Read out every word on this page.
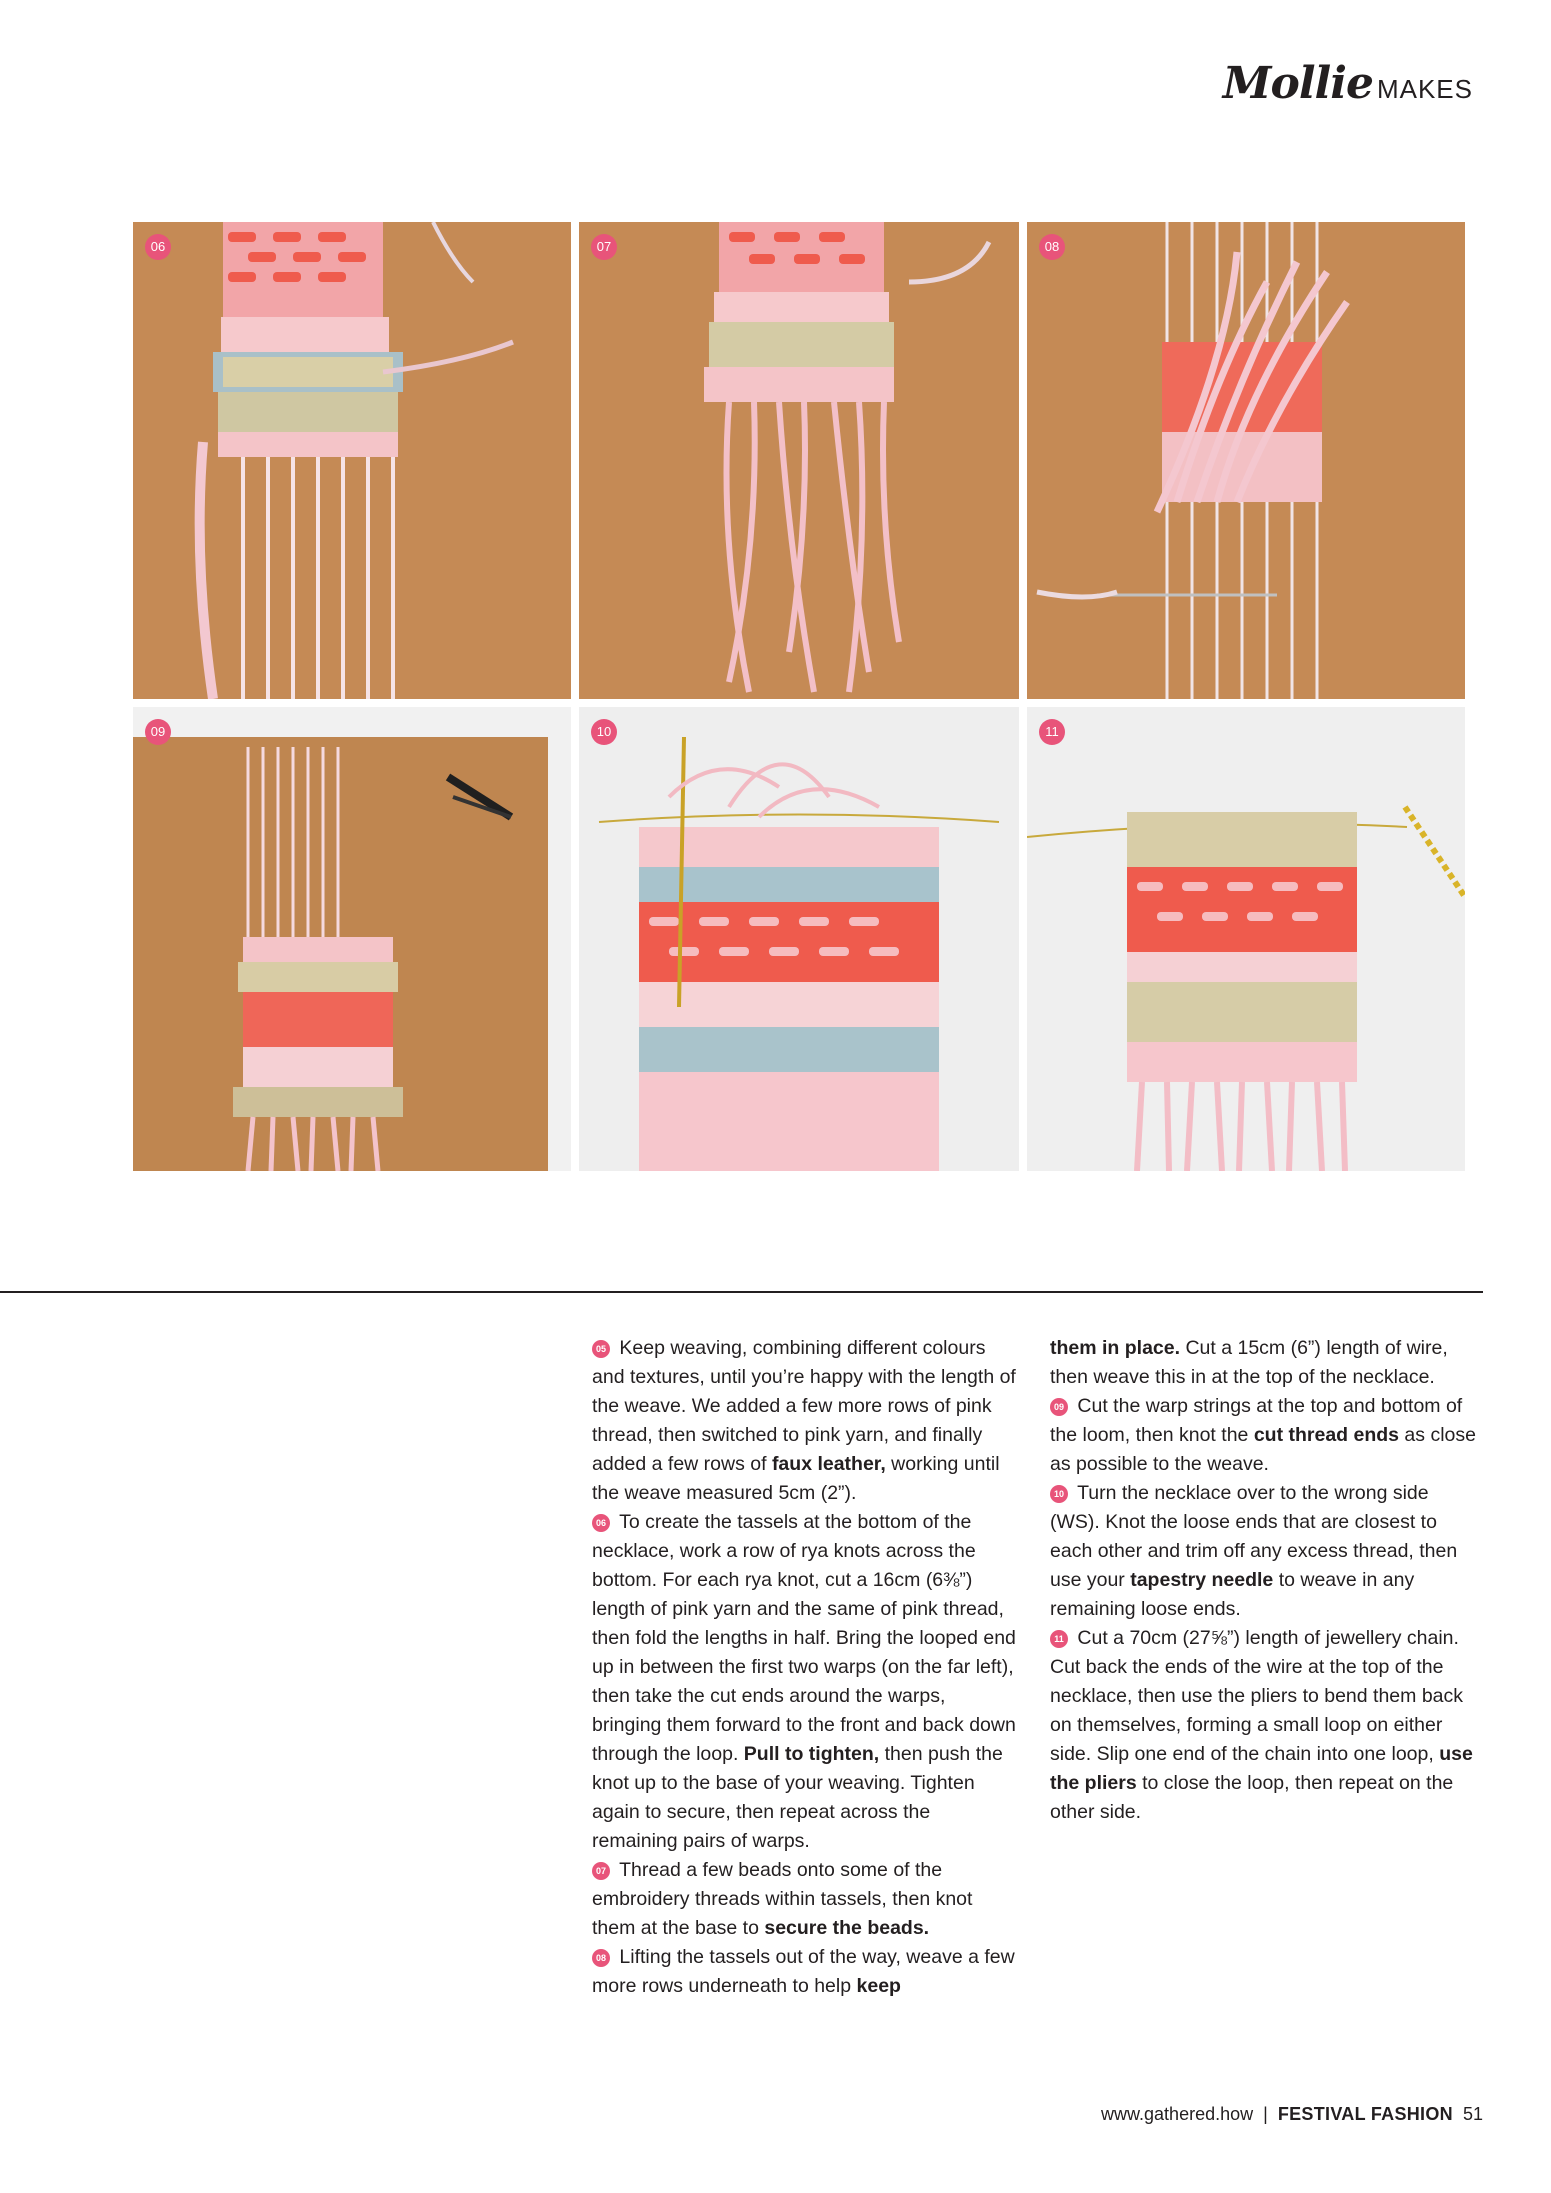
Mollie MAKES
06	07	08
09	10	11

05 Keep weaving, combining different colours and textures, until you’re happy with the length of the weave. We added a few more rows of pink thread, then switched to pink yarn, and finally added a few rows of faux leather, working until the weave measured 5cm (2”).

06 To create the tassels at the bottom of the necklace, work a row of rya knots across the bottom. For each rya knot, cut a 16cm (6⅜”) length of pink yarn and the same of pink thread, then fold the lengths in half. Bring the looped end up in between the first two warps (on the far left), then take the cut ends around the warps, bringing them forward to the front and back down through the loop. Pull to tighten, then push the knot up to the base of your weaving. Tighten again to secure, then repeat across the remaining pairs of warps.

07 Thread a few beads onto some of the embroidery threads within tassels, then knot them at the base to secure the beads.

08 Lifting the tassels out of the way, weave a few more rows underneath to help keep

them in place. Cut a 15cm (6”) length of wire, then weave this in at the top of the necklace.

09 Cut the warp strings at the top and bottom of the loom, then knot the cut thread ends as close as possible to the weave.

10 Turn the necklace over to the wrong side (WS). Knot the loose ends that are closest to each other and trim off any excess thread, then use your tapestry needle to weave in any remaining loose ends.

11 Cut a 70cm (27⅝”) length of jewellery chain. Cut back the ends of the wire at the top of the necklace, then use the pliers to bend them back on themselves, forming a small loop on either side. Slip one end of the chain into one loop, use the pliers to close the loop, then repeat on the other side.

www.gathered.how | FESTIVAL FASHION 51
